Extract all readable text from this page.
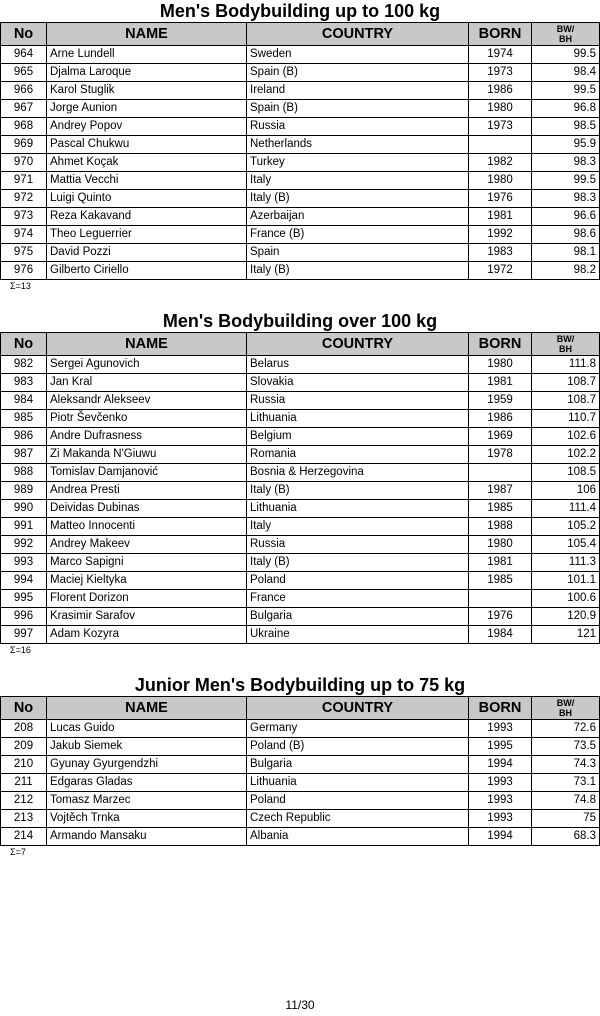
Men's Bodybuilding up to 100 kg
No	NAME	COUNTRY	BORN	BW/
BH
964	Arne Lundell	Sweden	1974	99.5
965	Djalma Laroque	Spain (B)	1973	98.4
966	Karol Stuglik	Ireland	1986	99.5
967	Jorge Aunion	Spain (B)	1980	96.8
968	Andrey Popov	Russia	1973	98.5
969	Pascal Chukwu	Netherlands		95.9
970	Ahmet Koçak	Turkey	1982	98.3
971	Mattia Vecchi	Italy	1980	99.5
972	Luigi Quinto	Italy (B)	1976	98.3
973	Reza Kakavand	Azerbaijan	1981	96.6
974	Theo Leguerrier	France (B)	1992	98.6
975	David Pozzi	Spain	1983	98.1
976	Gilberto Ciriello	Italy (B)	1972	98.2
Σ=13
Men's Bodybuilding over 100 kg
No	NAME	COUNTRY	BORN	BW/
BH
982	Sergei Agunovich	Belarus	1980	111.8
983	Jan Kral	Slovakia	1981	108.7
984	Aleksandr Alekseev	Russia	1959	108.7
985	Piotr Ševčenko	Lithuania	1986	110.7
986	Andre Dufrasness	Belgium	1969	102.6
987	Zi Makanda N'Giuwu	Romania	1978	102.2
988	Tomislav Damjanović	Bosnia & Herzegovina		108.5
989	Andrea Presti	Italy (B)	1987	106
990	Deividas Dubinas	Lithuania	1985	111.4
991	Matteo Innocenti	Italy	1988	105.2
992	Andrey Makeev	Russia	1980	105.4
993	Marco Sapigni	Italy (B)	1981	111.3
994	Maciej Kieltyka	Poland	1985	101.1
995	Florent Dorizon	France		100.6
996	Krasimir Sarafov	Bulgaria	1976	120.9
997	Adam Kozyra	Ukraine	1984	121
Σ=16
Junior Men's Bodybuilding up to 75 kg
No	NAME	COUNTRY	BORN	BW/
BH
208	Lucas Guido	Germany	1993	72.6
209	Jakub Siemek	Poland (B)	1995	73.5
210	Gyunay Gyurgendzhi	Bulgaria	1994	74.3
211	Edgaras Gladas	Lithuania	1993	73.1
212	Tomasz Marzec	Poland	1993	74.8
213	Vojtěch Trnka	Czech Republic	1993	75
214	Armando Mansaku	Albania	1994	68.3
Σ=7
11/30
